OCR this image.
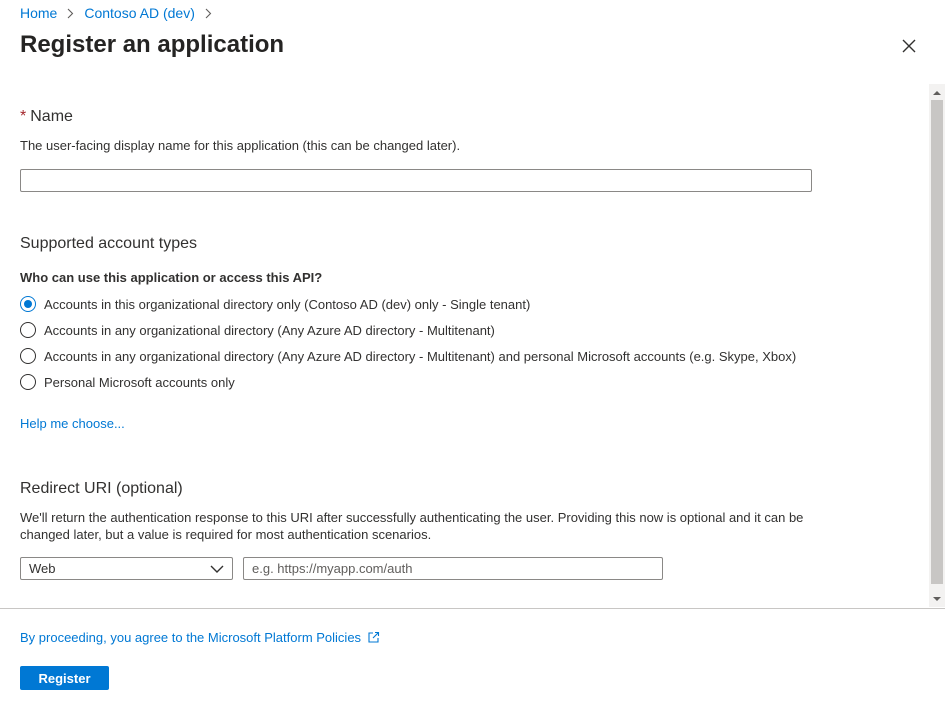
Home Contoso AD (dev)
Register an application
* Name
The user-facing display name for this application (this can be changed later).
Supported account types
Who can use this application or access this API?
Accounts in this organizational directory only (Contoso AD (dev) only - Single tenant)
Accounts in any organizational directory (Any Azure AD directory - Multitenant)
Accounts in any organizational directory (Any Azure AD directory - Multitenant) and personal Microsoft accounts (e.g. Skype, Xbox)
Personal Microsoft accounts only
Help me choose...
Redirect URI (optional)
We'll return the authentication response to this URI after successfully authenticating the user. Providing this now is optional and it can be changed later, but a value is required for most authentication scenarios.
Web
e.g. https://myapp.com/auth
By proceeding, you agree to the Microsoft Platform Policies
Register
